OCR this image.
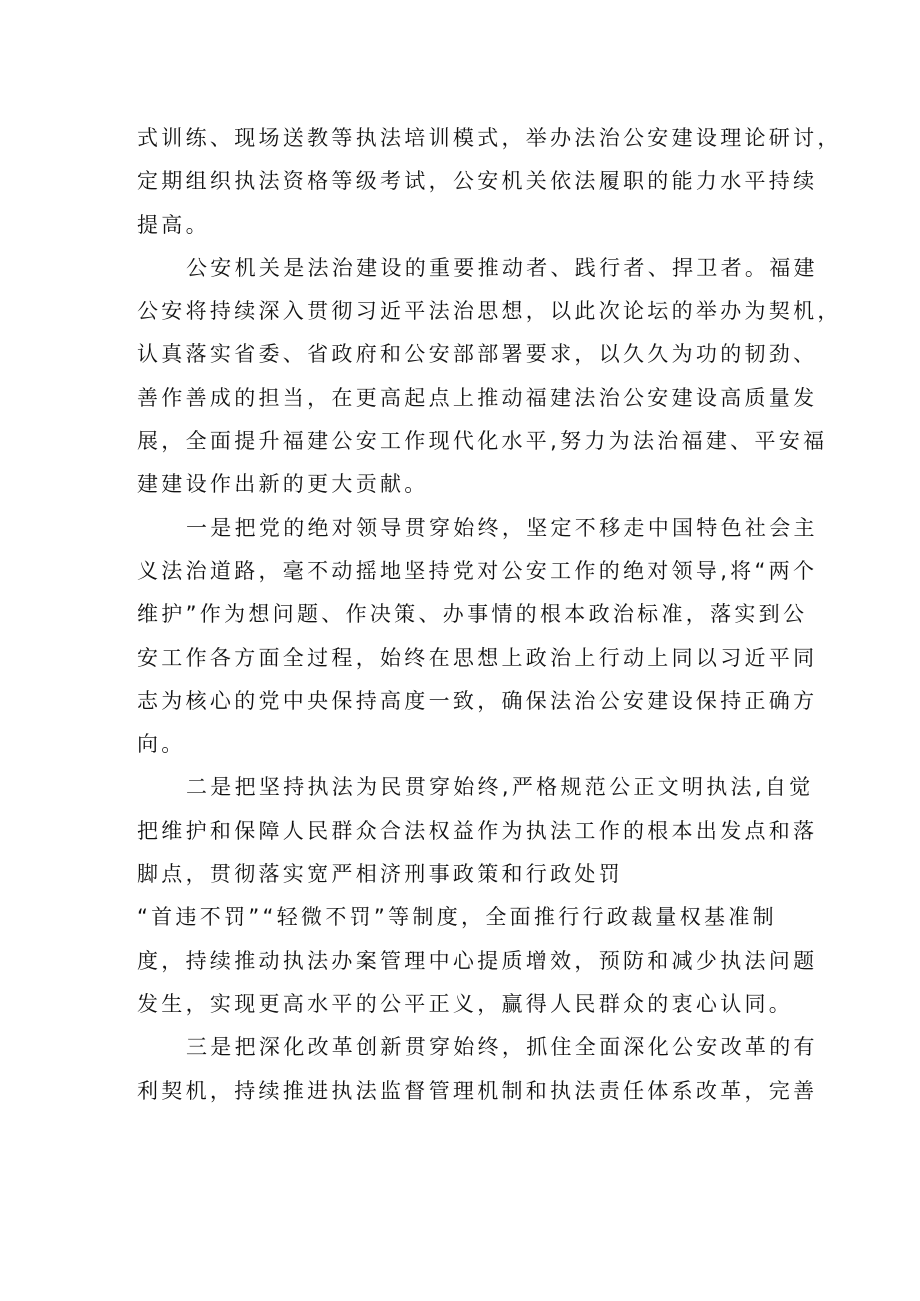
式训练、现场送教等执法培训模式，举办法治公安建设理论研讨，
定期组织执法资格等级考试，公安机关依法履职的能力水平持续
提高。
公安机关是法治建设的重要推动者、践行者、捍卫者。福建
公安将持续深入贯彻习近平法治思想，以此次论坛的举办为契机，
认真落实省委、省政府和公安部部署要求，以久久为功的韧劲、
善作善成的担当，在更高起点上推动福建法治公安建设高质量发
展，全面提升福建公安工作现代化水平,努力为法治福建、平安福
建建设作出新的更大贡献。
一是把党的绝对领导贯穿始终，坚定不移走中国特色社会主
义法治道路，毫不动摇地坚持党对公安工作的绝对领导,将“两个
维护”作为想问题、作决策、办事情的根本政治标准，落实到公
安工作各方面全过程，始终在思想上政治上行动上同以习近平同
志为核心的党中央保持高度一致，确保法治公安建设保持正确方
向。
二是把坚持执法为民贯穿始终,严格规范公正文明执法,自觉
把维护和保障人民群众合法权益作为执法工作的根本出发点和落
脚点，贯彻落实宽严相济刑事政策和行政处罚
“首违不罚”“轻微不罚”等制度，全面推行行政裁量权基准制
度，持续推动执法办案管理中心提质增效，预防和减少执法问题
发生，实现更高水平的公平正义，赢得人民群众的衷心认同。
三是把深化改革创新贯穿始终，抓住全面深化公安改革的有
利契机，持续推进执法监督管理机制和执法责任体系改革，完善
